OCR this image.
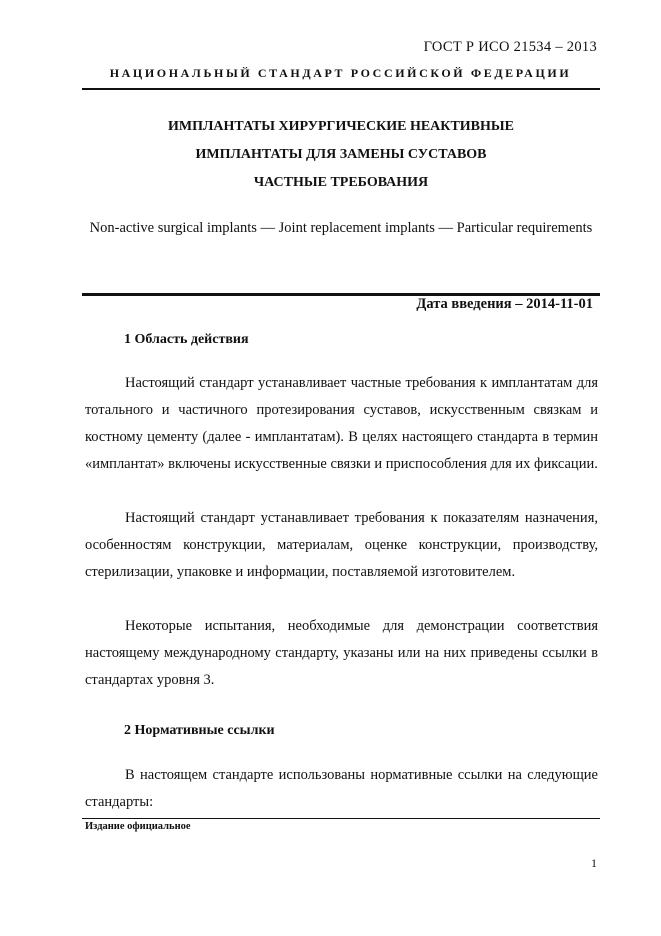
ГОСТ Р ИСО 21534 – 2013
НАЦИОНАЛЬНЫЙ СТАНДАРТ РОССИЙСКОЙ ФЕДЕРАЦИИ
ИМПЛАНТАТЫ ХИРУРГИЧЕСКИЕ НЕАКТИВНЫЕ
ИМПЛАНТАТЫ ДЛЯ ЗАМЕНЫ СУСТАВОВ
ЧАСТНЫЕ ТРЕБОВАНИЯ
Non-active surgical implants — Joint replacement implants — Particular requirements
Дата введения – 2014-11-01
1 Область действия
Настоящий стандарт устанавливает частные требования к имплантатам для тотального и частичного протезирования суставов, искусственным связкам и костному цементу (далее - имплантатам). В целях настоящего стандарта в термин «имплантат» включены искусственные связки и приспособления для их фиксации.
Настоящий стандарт устанавливает требования к показателям назначения, особенностям конструкции, материалам, оценке конструкции, производству, стерилизации, упаковке и информации, поставляемой изготовителем.
Некоторые испытания, необходимые для демонстрации соответствия настоящему международному стандарту, указаны или на них приведены ссылки в стандартах уровня 3.
2 Нормативные ссылки
В настоящем стандарте использованы нормативные ссылки на следующие стандарты:
Издание официальное
1
